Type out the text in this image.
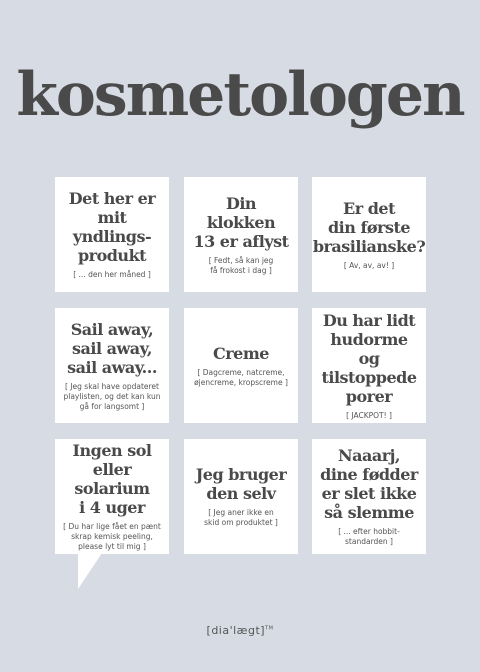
kosmetologen
Det her er
mit yndlings-
produkt
[ ... den her måned ]
Din klokken
13 er aflyst
[ Fedt, så kan jeg
få frokost i dag ]
Er det
din første
brasilianske?
[ Av, av, av! ]
Sail away,
sail away,
sail away...
[ Jeg skal have opdateret
playlisten, og det kan kun
gå for langsomt ]
Creme
[ Dagcreme, natcreme,
øjencreme, kropscreme ]
Du har lidt
hudorme og
tilstoppede
porer
[ JACKPOT! ]
Ingen sol
eller solarium
i 4 uger
[ Du har lige fået en pænt
skrap kemisk peeling,
please lyt til mig ]
Jeg bruger
den selv
[ Jeg aner ikke en
skid om produktet ]
Naaarj,
dine fødder
er slet ikke
så slemme
[ ... efter hobbit-
standarden ]
[dia'lægt]™
